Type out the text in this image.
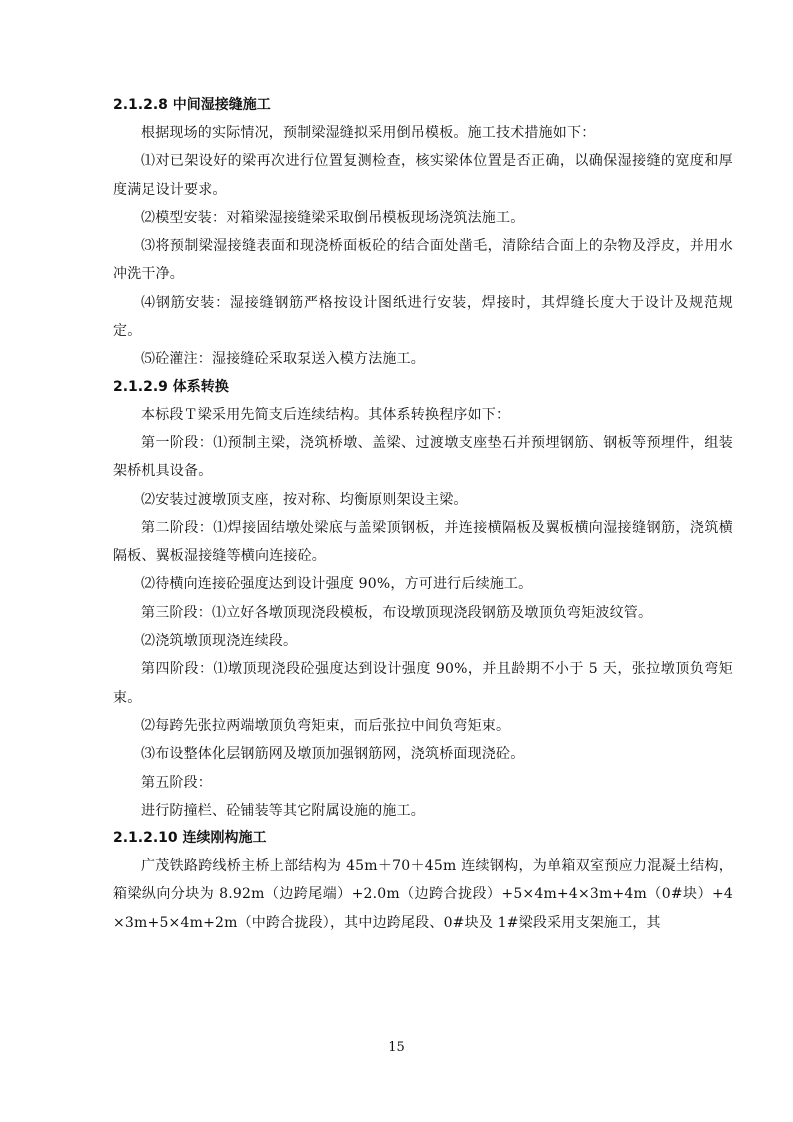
2.1.2.8 中间湿接缝施工

根据现场的实际情况，预制梁湿缝拟采用倒吊模板。施工技术措施如下：

⑴对已架设好的梁再次进行位置复测检查，核实梁体位置是否正确，以确保湿接缝的宽度和厚度满足设计要求。

⑵模型安装：对箱梁湿接缝梁采取倒吊模板现场浇筑法施工。

⑶将预制梁湿接缝表面和现浇桥面板砼的结合面处凿毛，清除结合面上的杂物及浮皮，并用水冲洗干净。

⑷钢筋安装：湿接缝钢筋严格按设计图纸进行安装，焊接时，其焊缝长度大于设计及规范规定。

⑸砼灌注：湿接缝砼采取泵送入模方法施工。

2.1.2.9 体系转换

本标段Ｔ梁采用先简支后连续结构。其体系转换程序如下：

第一阶段：⑴预制主梁，浇筑桥墩、盖梁、过渡墩支座垫石并预埋钢筋、钢板等预埋件，组装架桥机具设备。

⑵安装过渡墩顶支座，按对称、均衡原则架设主梁。

第二阶段：⑴焊接固结墩处梁底与盖梁顶钢板，并连接横隔板及翼板横向湿接缝钢筋，浇筑横隔板、翼板湿接缝等横向连接砼。

⑵待横向连接砼强度达到设计强度 90%，方可进行后续施工。

第三阶段：⑴立好各墩顶现浇段模板，布设墩顶现浇段钢筋及墩顶负弯矩波纹管。

⑵浇筑墩顶现浇连续段。

第四阶段：⑴墩顶现浇段砼强度达到设计强度 90%，并且龄期不小于 5 天，张拉墩顶负弯矩束。

⑵每跨先张拉两端墩顶负弯矩束，而后张拉中间负弯矩束。

⑶布设整体化层钢筋网及墩顶加强钢筋网，浇筑桥面现浇砼。

第五阶段：

进行防撞栏、砼铺装等其它附属设施的施工。

2.1.2.10 连续刚构施工

广茂铁路跨线桥主桥上部结构为 45m＋70＋45m 连续钢构，为单箱双室预应力混凝土结构，箱梁纵向分块为 8.92m（边跨尾端）+2.0m（边跨合拢段）+5×4m+4×3m+4m（0#块）+4×3m+5×4m+2m（中跨合拢段），其中边跨尾段、0#块及 1#梁段采用支架施工，其

15
